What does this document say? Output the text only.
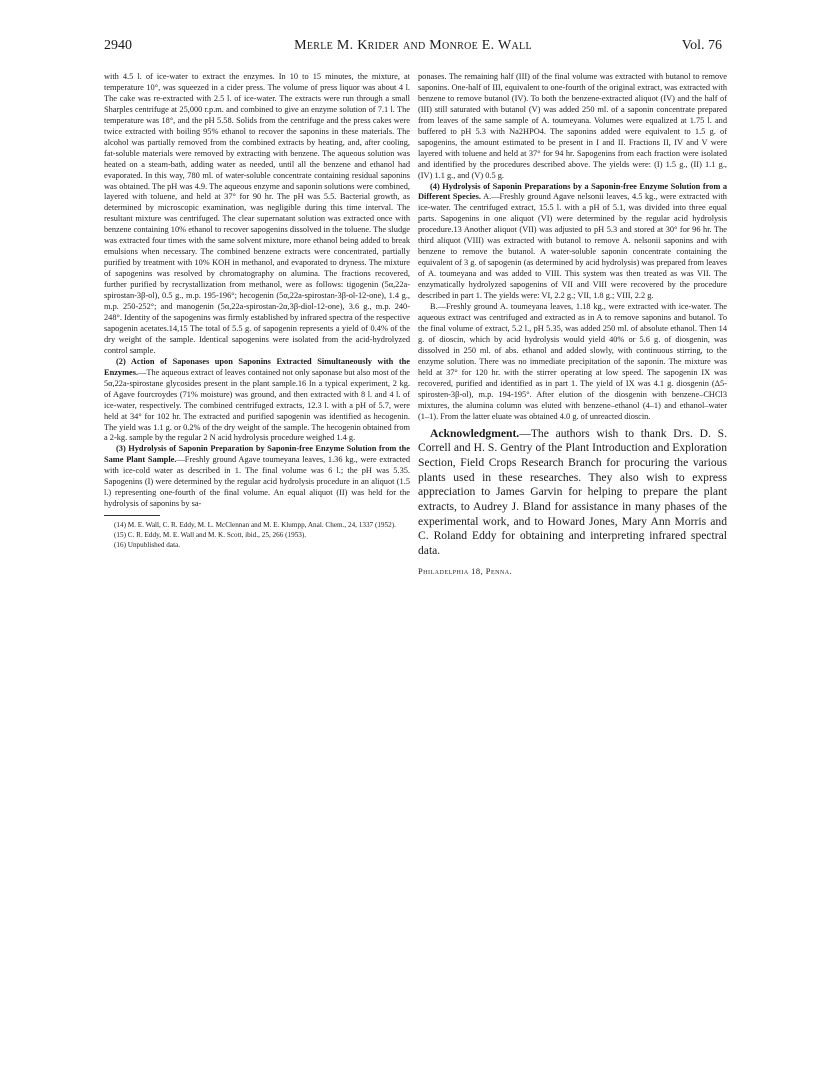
2940	Merle M. Krider and Monroe E. Wall	Vol. 76

with 4.5 l. of ice-water to extract the enzymes. In 10 to 15 minutes, the mixture, at temperature 10°, was squeezed in a cider press. The volume of press liquor was about 4 l. The cake was re-extracted with 2.5 l. of ice-water. The extracts were run through a small Sharples centrifuge at 25,000 r.p.m. and combined to give an enzyme solution of 7.1 l. The temperature was 18°, and the pH 5.58. Solids from the centrifuge and the press cakes were twice extracted with boiling 95% ethanol to recover the saponins in these materials. The alcohol was partially removed from the combined extracts by heating, and, after cooling, fat-soluble materials were removed by extracting with benzene. The aqueous solution was heated on a steam-bath, adding water as needed, until all the benzene and ethanol had evaporated. In this way, 780 ml. of water-soluble concentrate containing residual saponins was obtained. The pH was 4.9. The aqueous enzyme and saponin solutions were combined, layered with toluene, and held at 37° for 90 hr. The pH was 5.5. Bacterial growth, as determined by microscopic examination, was negligible during this time interval. The resultant mixture was centrifuged. The clear supernatant solution was extracted once with benzene containing 10% ethanol to recover sapogenins dissolved in the toluene. The sludge was extracted four times with the same solvent mixture, more ethanol being added to break emulsions when necessary. The combined benzene extracts were concentrated, partially purified by treatment with 10% KOH in methanol, and evaporated to dryness. The mixture of sapogenins was resolved by chromatography on alumina. The fractions recovered, further purified by recrystallization from methanol, were as follows: tigogenin (5α,22a-spirostan-3β-ol), 0.5 g., m.p. 195-196°; hecogenin (5α,22a-spirostan-3β-ol-12-one), 1.4 g., m.p. 250-252°; and manogenin (5α,22a-spirostan-2α,3β-diol-12-one), 3.6 g., m.p. 240-248°. Identity of the sapogenins was firmly established by infrared spectra of the respective sapogenin acetates.14,15 The total of 5.5 g. of sapogenin represents a yield of 0.4% of the dry weight of the sample. Identical sapogenins were isolated from the acid-hydrolyzed control sample.

(2) Action of Saponases upon Saponins Extracted Simultaneously with the Enzymes.—The aqueous extract of leaves contained not only saponase but also most of the 5α,22a-spirostane glycosides present in the plant sample.16 In a typical experiment, 2 kg. of Agave fourcroydes (71% moisture) was ground, and then extracted with 8 l. and 4 l. of ice-water, respectively. The combined centrifuged extracts, 12.3 l. with a pH of 5.7, were held at 34° for 102 hr. The extracted and purified sapogenin was identified as hecogenin. The yield was 1.1 g. or 0.2% of the dry weight of the sample. The hecogenin obtained from a 2-kg. sample by the regular 2 N acid hydrolysis procedure weighed 1.4 g.

(3) Hydrolysis of Saponin Preparation by Saponin-free Enzyme Solution from the Same Plant Sample.—Freshly ground Agave toumeyana leaves, 1.36 kg., were extracted with ice-cold water as described in 1. The final volume was 6 l.; the pH was 5.35. Sapogenins (I) were determined by the regular acid hydrolysis procedure in an aliquot (1.5 l.) representing one-fourth of the final volume. An equal aliquot (II) was held for the hydrolysis of saponins by sa-

(14) M. E. Wall, C. R. Eddy, M. L. McClennan and M. E. Klumpp, Anal. Chem., 24, 1337 (1952).

(15) C. R. Eddy, M. E. Wall and M. K. Scott, ibid., 25, 266 (1953).

(16) Unpublished data.

ponases. The remaining half (III) of the final volume was extracted with butanol to remove saponins. One-half of III, equivalent to one-fourth of the original extract, was extracted with benzene to remove butanol (IV). To both the benzene-extracted aliquot (IV) and the half of (III) still saturated with butanol (V) was added 250 ml. of a saponin concentrate prepared from leaves of the same sample of A. toumeyana. Volumes were equalized at 1.75 l. and buffered to pH 5.3 with Na2HPO4. The saponins added were equivalent to 1.5 g. of sapogenins, the amount estimated to be present in I and II. Fractions II, IV and V were layered with toluene and held at 37° for 94 hr. Sapogenins from each fraction were isolated and identified by the procedures described above. The yields were: (I) 1.5 g., (II) 1.1 g., (IV) 1.1 g., and (V) 0.5 g.

(4) Hydrolysis of Saponin Preparations by a Saponin-free Enzyme Solution from a Different Species. A.—Freshly ground Agave nelsonii leaves, 4.5 kg., were extracted with ice-water. The centrifuged extract, 15.5 l. with a pH of 5.1, was divided into three equal parts. Sapogenins in one aliquot (VI) were determined by the regular acid hydrolysis procedure.13 Another aliquot (VII) was adjusted to pH 5.3 and stored at 30° for 96 hr. The third aliquot (VIII) was extracted with butanol to remove A. nelsonii saponins and with benzene to remove the butanol. A water-soluble saponin concentrate containing the equivalent of 3 g. of sapogenin (as determined by acid hydrolysis) was prepared from leaves of A. toumeyana and was added to VIII. This system was then treated as was VII. The enzymatically hydrolyzed sapogenins of VII and VIII were recovered by the procedure described in part 1. The yields were: VI, 2.2 g.; VII, 1.8 g.; VIII, 2.2 g.

B.—Freshly ground A. toumeyana leaves, 1.18 kg., were extracted with ice-water. The aqueous extract was centrifuged and extracted as in A to remove saponins and butanol. To the final volume of extract, 5.2 l., pH 5.35, was added 250 ml. of absolute ethanol. Then 14 g. of dioscin, which by acid hydrolysis would yield 40% or 5.6 g. of diosgenin, was dissolved in 250 ml. of abs. ethanol and added slowly, with continuous stirring, to the enzyme solution. There was no immediate precipitation of the saponin. The mixture was held at 37° for 120 hr. with the stirrer operating at low speed. The sapogenin IX was recovered, purified and identified as in part 1. The yield of IX was 4.1 g. diosgenin (Δ5-spirosten-3β-ol), m.p. 194-195°. After elution of the diosgenin with benzene–CHCl3 mixtures, the alumina column was eluted with benzene–ethanol (4–1) and ethanol–water (1–1). From the latter eluate was obtained 4.0 g. of unreacted dioscin.

Acknowledgment.—The authors wish to thank Drs. D. S. Correll and H. S. Gentry of the Plant Introduction and Exploration Section, Field Crops Research Branch for procuring the various plants used in these researches. They also wish to express appreciation to James Garvin for helping to prepare the plant extracts, to Audrey J. Bland for assistance in many phases of the experimental work, and to Howard Jones, Mary Ann Morris and C. Roland Eddy for obtaining and interpreting infrared spectral data.

Philadelphia 18, Penna.
